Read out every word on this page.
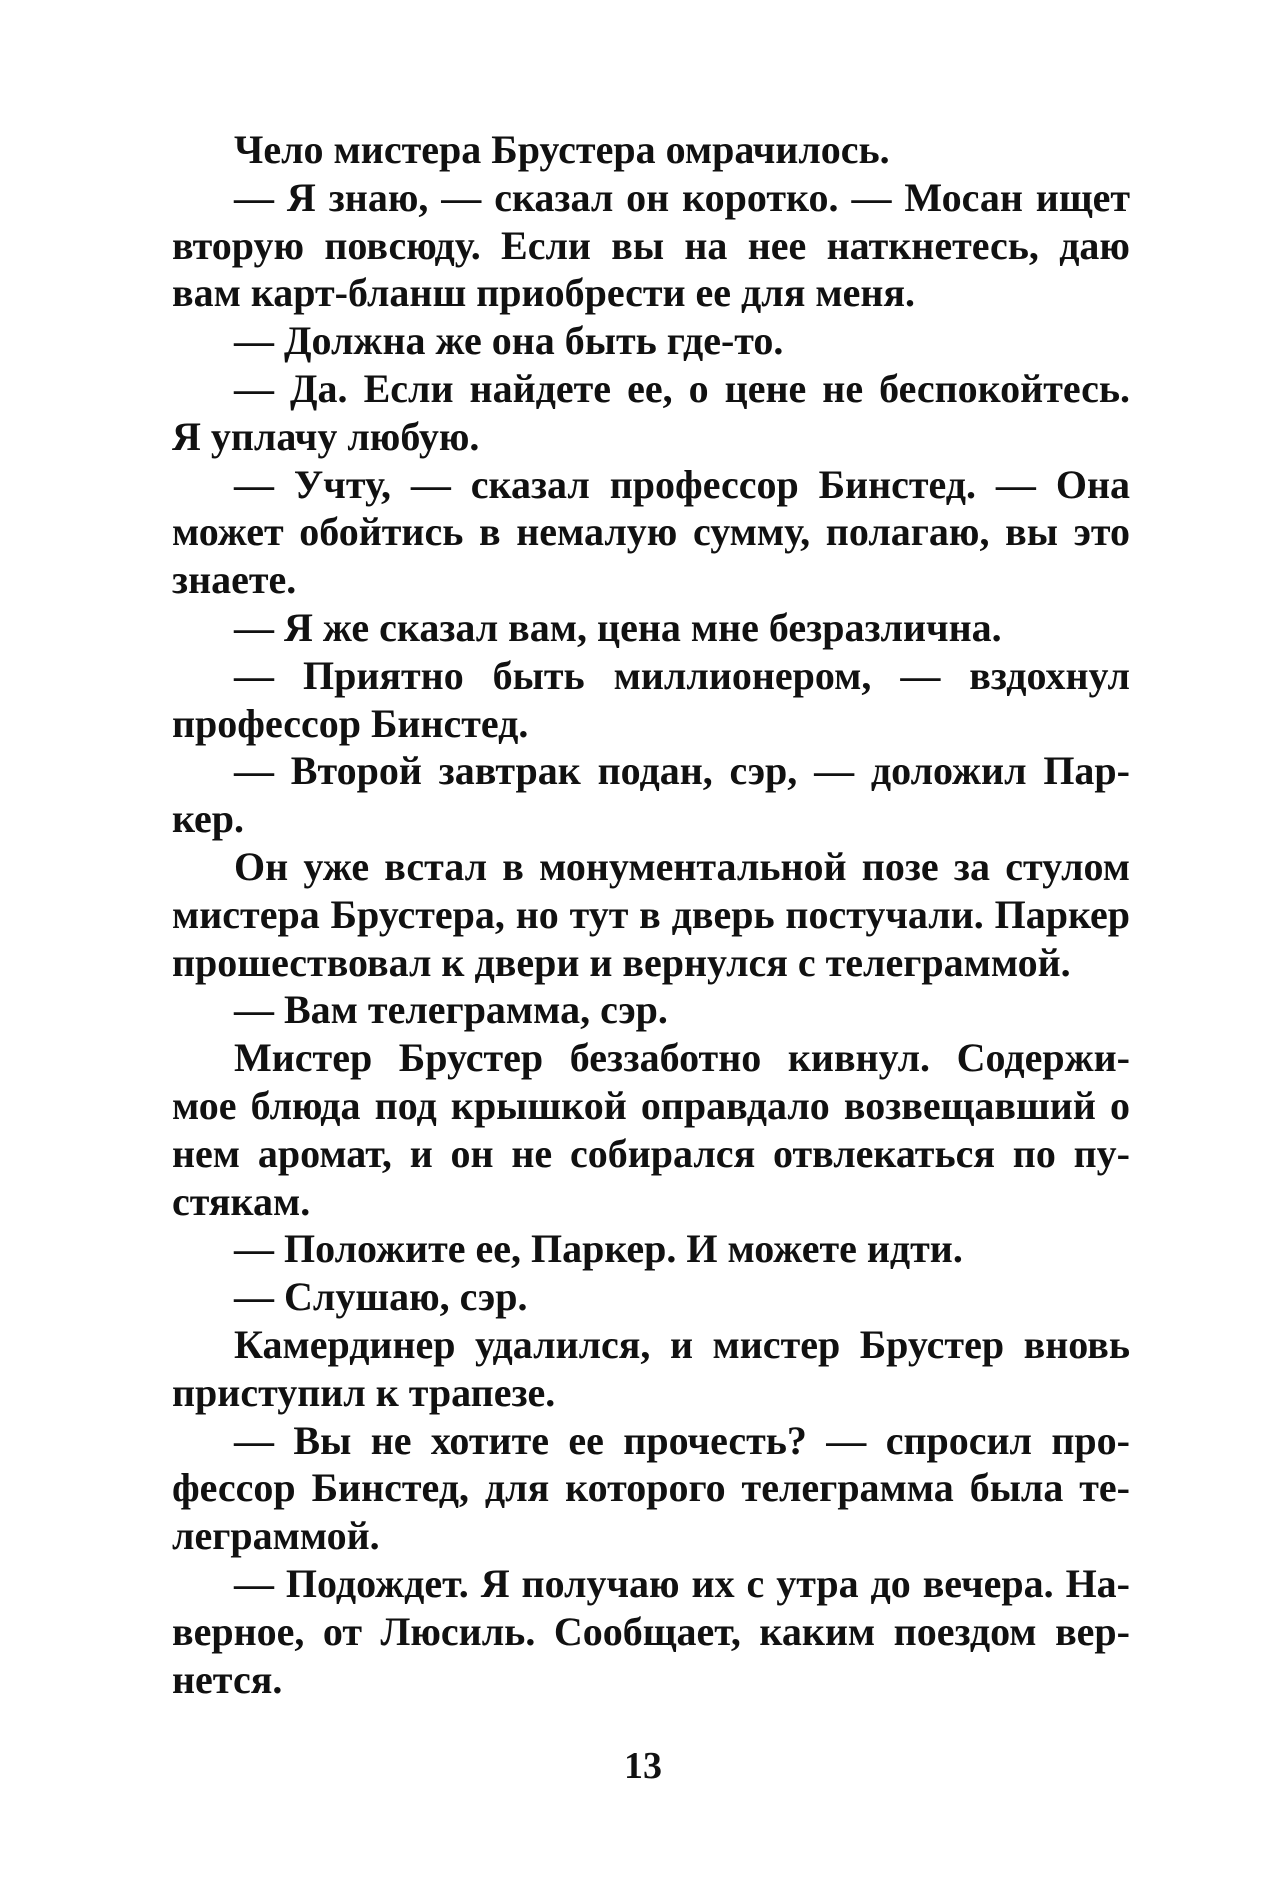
Чело мистера Брустера омрачилось.
— Я знаю, — сказал он коротко. — Мосан ищет
вторую повсюду. Если вы на нее наткнетесь, даю
вам карт-бланш приобрести ее для меня.
— Должна же она быть где-то.
— Да. Если найдете ее, о цене не беспокойтесь.
Я уплачу любую.
— Учту, — сказал профессор Бинстед. — Она
может обойтись в немалую сумму, полагаю, вы это
знаете.
— Я же сказал вам, цена мне безразлична.
— Приятно быть миллионером, — вздохнул
профессор Бинстед.
— Второй завтрак подан, сэр, — доложил Пар-
кер.
Он уже встал в монументальной позе за стулом
мистера Брустера, но тут в дверь постучали. Паркер
прошествовал к двери и вернулся с телеграммой.
— Вам телеграмма, сэр.
Мистер Брустер беззаботно кивнул. Содержи-
мое блюда под крышкой оправдало возвещавший о
нем аромат, и он не собирался отвлекаться по пу-
стякам.
— Положите ее, Паркер. И можете идти.
— Слушаю, сэр.
Камердинер удалился, и мистер Брустер вновь
приступил к трапезе.
— Вы не хотите ее прочесть? — спросил про-
фессор Бинстед, для которого телеграмма была те-
леграммой.
— Подождет. Я получаю их с утра до вечера. На-
верное, от Люсиль. Сообщает, каким поездом вер-
нется.
13
